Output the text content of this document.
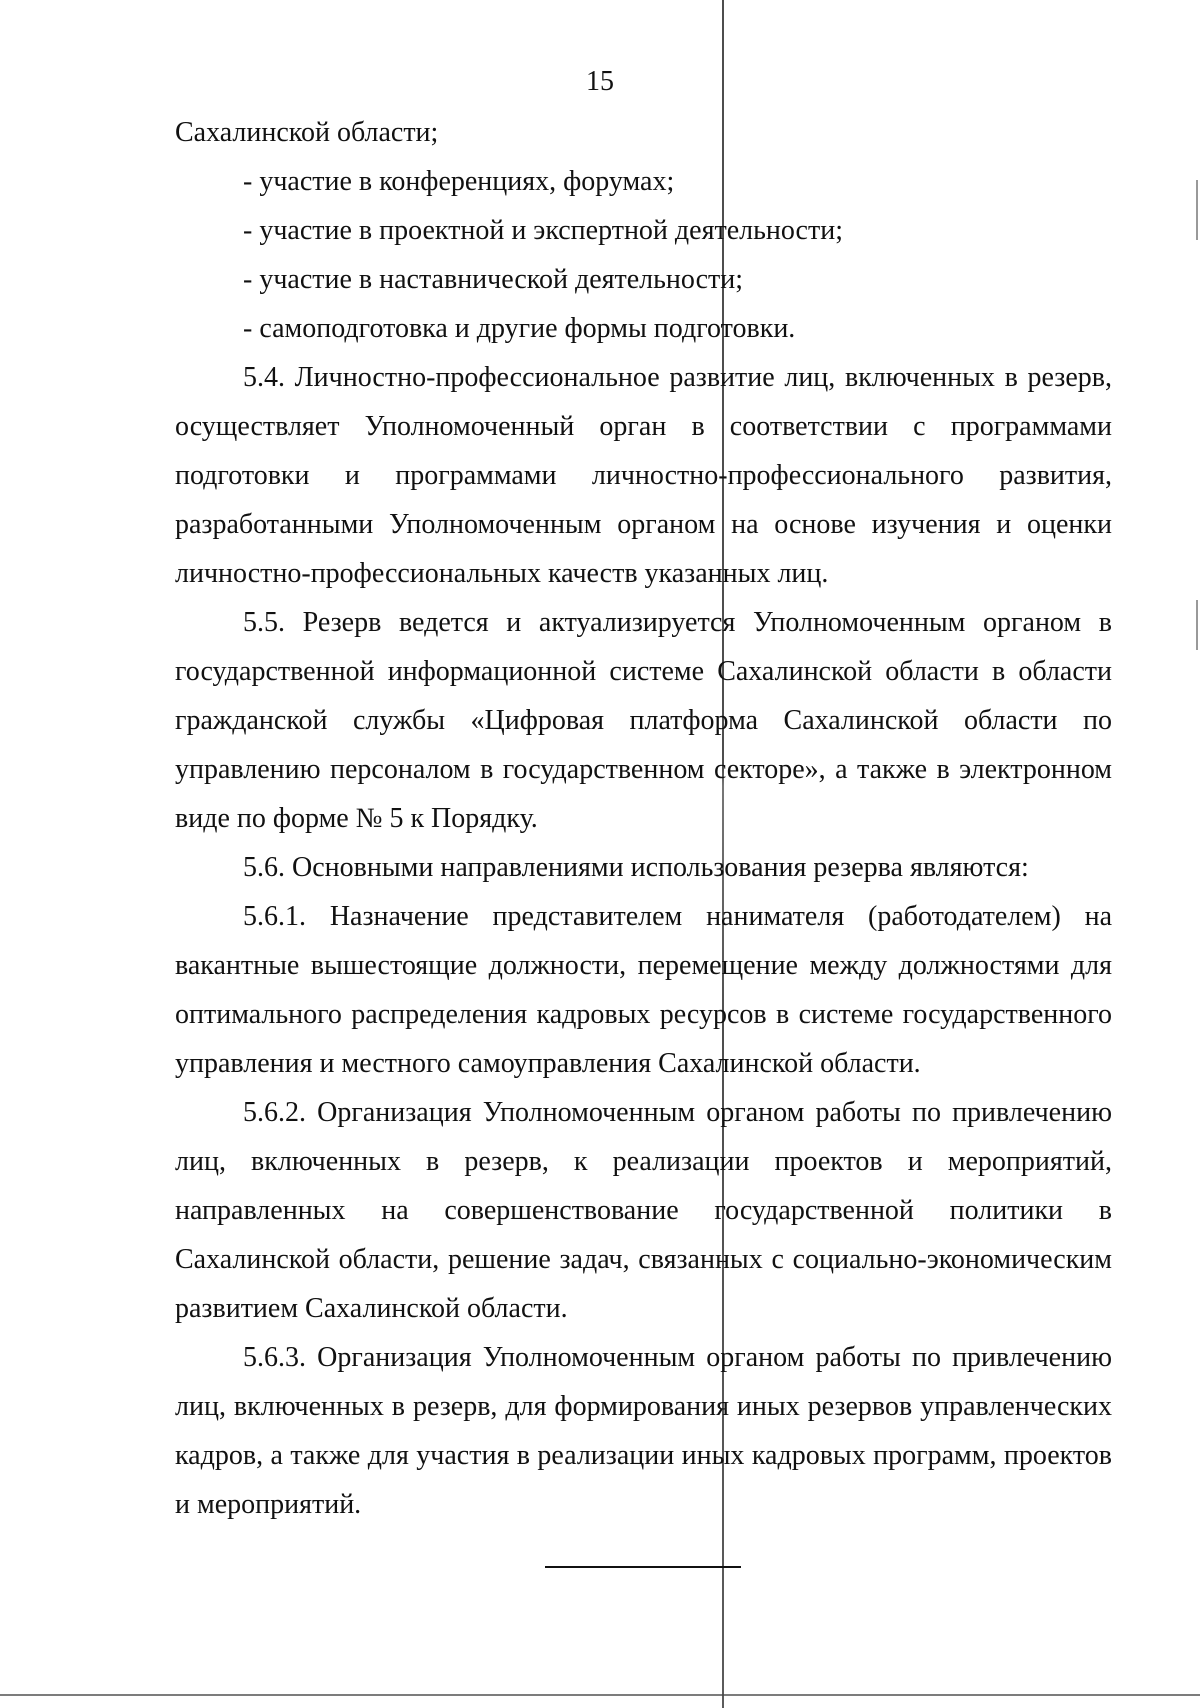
15

Сахалинской области;

- участие в конференциях, форумах;

- участие в проектной и экспертной деятельности;

- участие в наставнической деятельности;

- самоподготовка и другие формы подготовки.

5.4. Личностно-профессиональное развитие лиц, включенных в резерв, осуществляет Уполномоченный орган в соответствии с программами подготовки и программами личностно-профессионального развития, разработанными Уполномоченным органом на основе изучения и оценки личностно-профессиональных качеств указанных лиц.

5.5. Резерв ведется и актуализируется Уполномоченным органом в государственной информационной системе Сахалинской области в области гражданской службы «Цифровая платформа Сахалинской области по управлению персоналом в государственном секторе», а также в электронном виде по форме № 5 к Порядку.

5.6. Основными направлениями использования резерва являются:

5.6.1. Назначение представителем нанимателя (работодателем) на вакантные вышестоящие должности, перемещение между должностями для оптимального распределения кадровых ресурсов в системе государственного управления и местного самоуправления Сахалинской области.

5.6.2. Организация Уполномоченным органом работы по привлечению лиц, включенных в резерв, к реализации проектов и мероприятий, направленных на совершенствование государственной политики в Сахалинской области, решение задач, связанных с социально-экономическим развитием Сахалинской области.

5.6.3. Организация Уполномоченным органом работы по привлечению лиц, включенных в резерв, для формирования иных резервов управленческих кадров, а также для участия в реализации иных кадровых программ, проектов и мероприятий.
